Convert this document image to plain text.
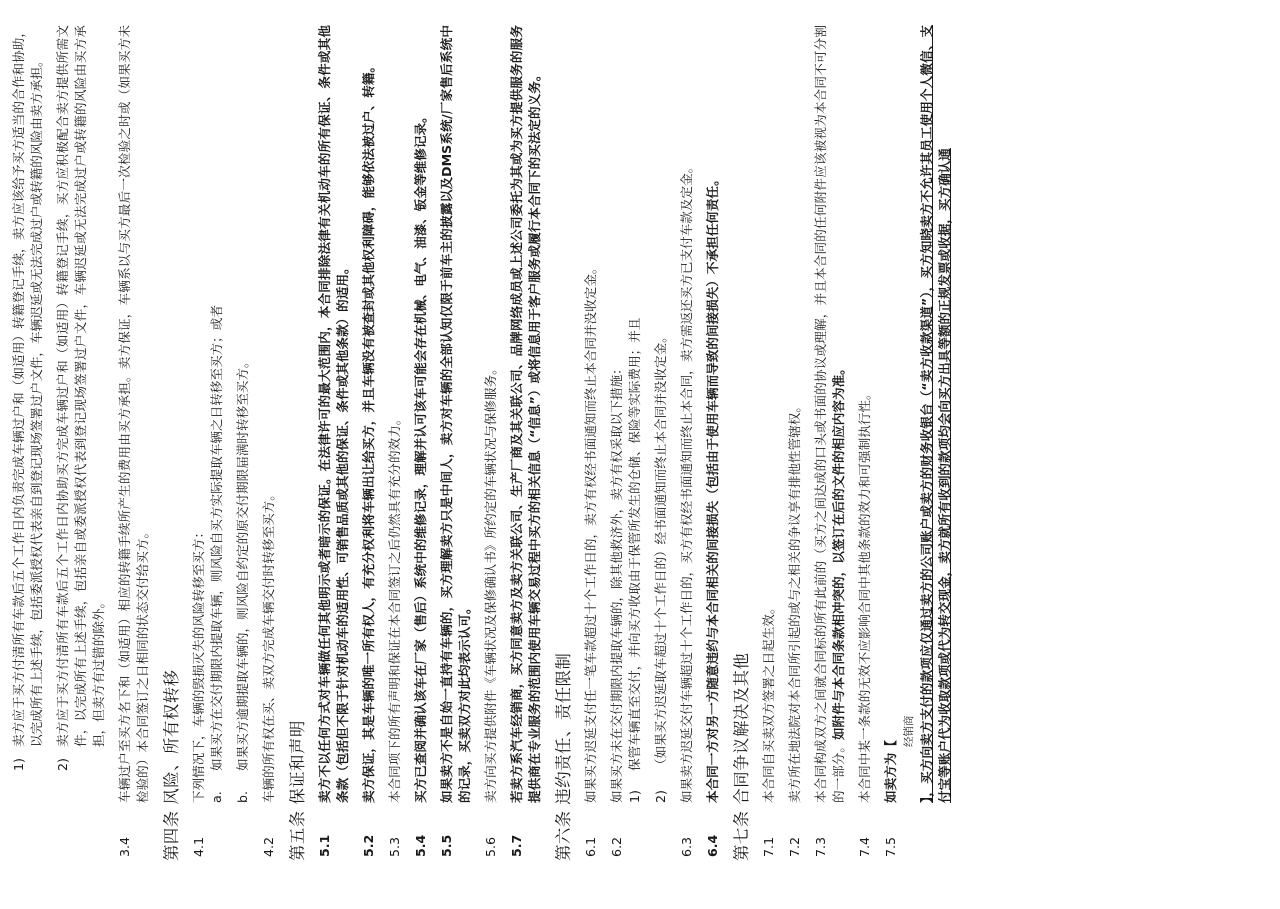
1)
卖方应于买方付清所有车款后五个工作日内负责完成车辆过户和（如适用）转籍登记手续，卖方应该给予买方适当的合作和协助，以完成所有上述手续，包括委派授权代表亲自到登记现场签署过户文件，车辆迟延或无法完成过户或转籍的风险由卖方承担。
2)
卖方应于买方付清所有车款后五个工作日内协助买方完成车辆过户和（如适用）转籍登记手续，买方应积极配合卖方提供所需文件，以完成所有上述手续，包括亲自或委派授权代表到登记现场签署过户文件，车辆迟延或无法完成过户或转籍的风险由买方承担，但卖方有过错的除外。
3.4
车辆过户至买方名下和（如适用）相应的转籍手续所产生的费用由买方承担。卖方保证，车辆系以与买方最后一次检验之时或（如果买方未检验的）本合同签订之日相同的状态交付给买方。 第四条 风险、所有权转移 4.1
下列情况下，车辆的毁损灭失的风险转移至买方： a.
如果买方在交付期限内提取车辆，则风险自买方实际提取车辆之日转移至买方；或者
b.
如果买方逾期提取车辆的，则风险自约定的原交付期限届满时转移至买方。
4.2
车辆的所有权在买、卖双方完成车辆交付时转移至买方。 第五条 保证和声明 5.1
卖方不以任何方式对车辆做任何其他明示或者暗示的保证。在法律许可的最大范围内，本合同排除法律有关机动车的所有保证、条件或其他条款（包括但不限于针对机动车的适用性、可销售品质或其他的保证、条件或其他条款）的适用。
5.2
卖方保证，其是车辆的唯一所有权人，有充分权利将车辆出让给买方，并且车辆没有被查封或其他权利障碍，能够依法被过户、转籍。
5.3
本合同项下的所有声明和保证在本合同签订之后仍然具有充分的效力。
5.4
买方已查阅并确认该车在厂家（售后）系统中的维修记录，理解并认可该车可能会存在机械、电气、油漆、钣金等维修记录。
5.5
如果卖方不是自始一直持有车辆的，买方理解卖方只是中间人，卖方对车辆的全部认知仅限于前车主的披露以及DMS系统/厂家售后系统中的记录，买卖双方对此均表示认可。
5.6
卖方向买方提供附件《车辆状况及保修确认书》所约定的车辆状况与保修服务。
5.7
若卖方系汽车经销商，买方同意卖方及卖方关联公司、生产厂商及其关联公司、品牌网络成员或上述公司委托为其或为买方提供服务的服务提供商在专业服务的范围内使用车辆交易过程中买方的相关信息（“信息”）或将信息用于客户服务或履行本合同下的买法定的义务。 第六条 违约责任、责任限制 6.1
如果买方迟延支付任一笔车款超过十个工作日的，卖方有权经书面通知而终止本合同并没收定金。
6.2
如果买方未在交付期限内提取车辆的，除其他救济外，卖方有权采取以下措施： 1)
保管车辆直至交付，并向买方收取由于保管所发生的仓储、保险等实际费用；并且
2)
（如果买方迟延取车超过十个工作日的）经书面通知而终止本合同并没收定金。
6.3
如果卖方迟延交付车辆超过十个工作日的，买方有权经书面通知而终止本合同，卖方需返还买方已支付车款及定金。
6.4
本合同一方对另一方随意违约与本合同相关的间接损失（包括由于使用车辆而导致的间接损失）不承担任何责任。 第七条 合同争议解决及其他 7.1
本合同自买卖双方签署之日起生效。
7.2
卖方所在地法院对本合同所引起的或与之相关的争议享有排他性管辖权。
7.3
本合同构成双方之间就合同标的所有此前的（买方之间达成的口头或书面的协议或理解，并且本合同的任何附件应该被视为本合同不可分割的一部分。如附件与本合同条款相冲突的，以签订在后的文件的相应内容为准。
7.4
本合同中某一条款的无效不应影响合同中其他条款的效力和可强制执行性。
7.5
如卖方为【
经销商 】，买方向卖方支付的款项应仅通过卖方的公司账户或卖方的财务收银台（“卖方收款渠道”），买方知晓卖方不允许其员工使用个人微信、支付宝等账户代为收取款项或代为转交现金，卖方就所有收到的款项均会向买方出具等额的正规发票或收据，买方确认通
